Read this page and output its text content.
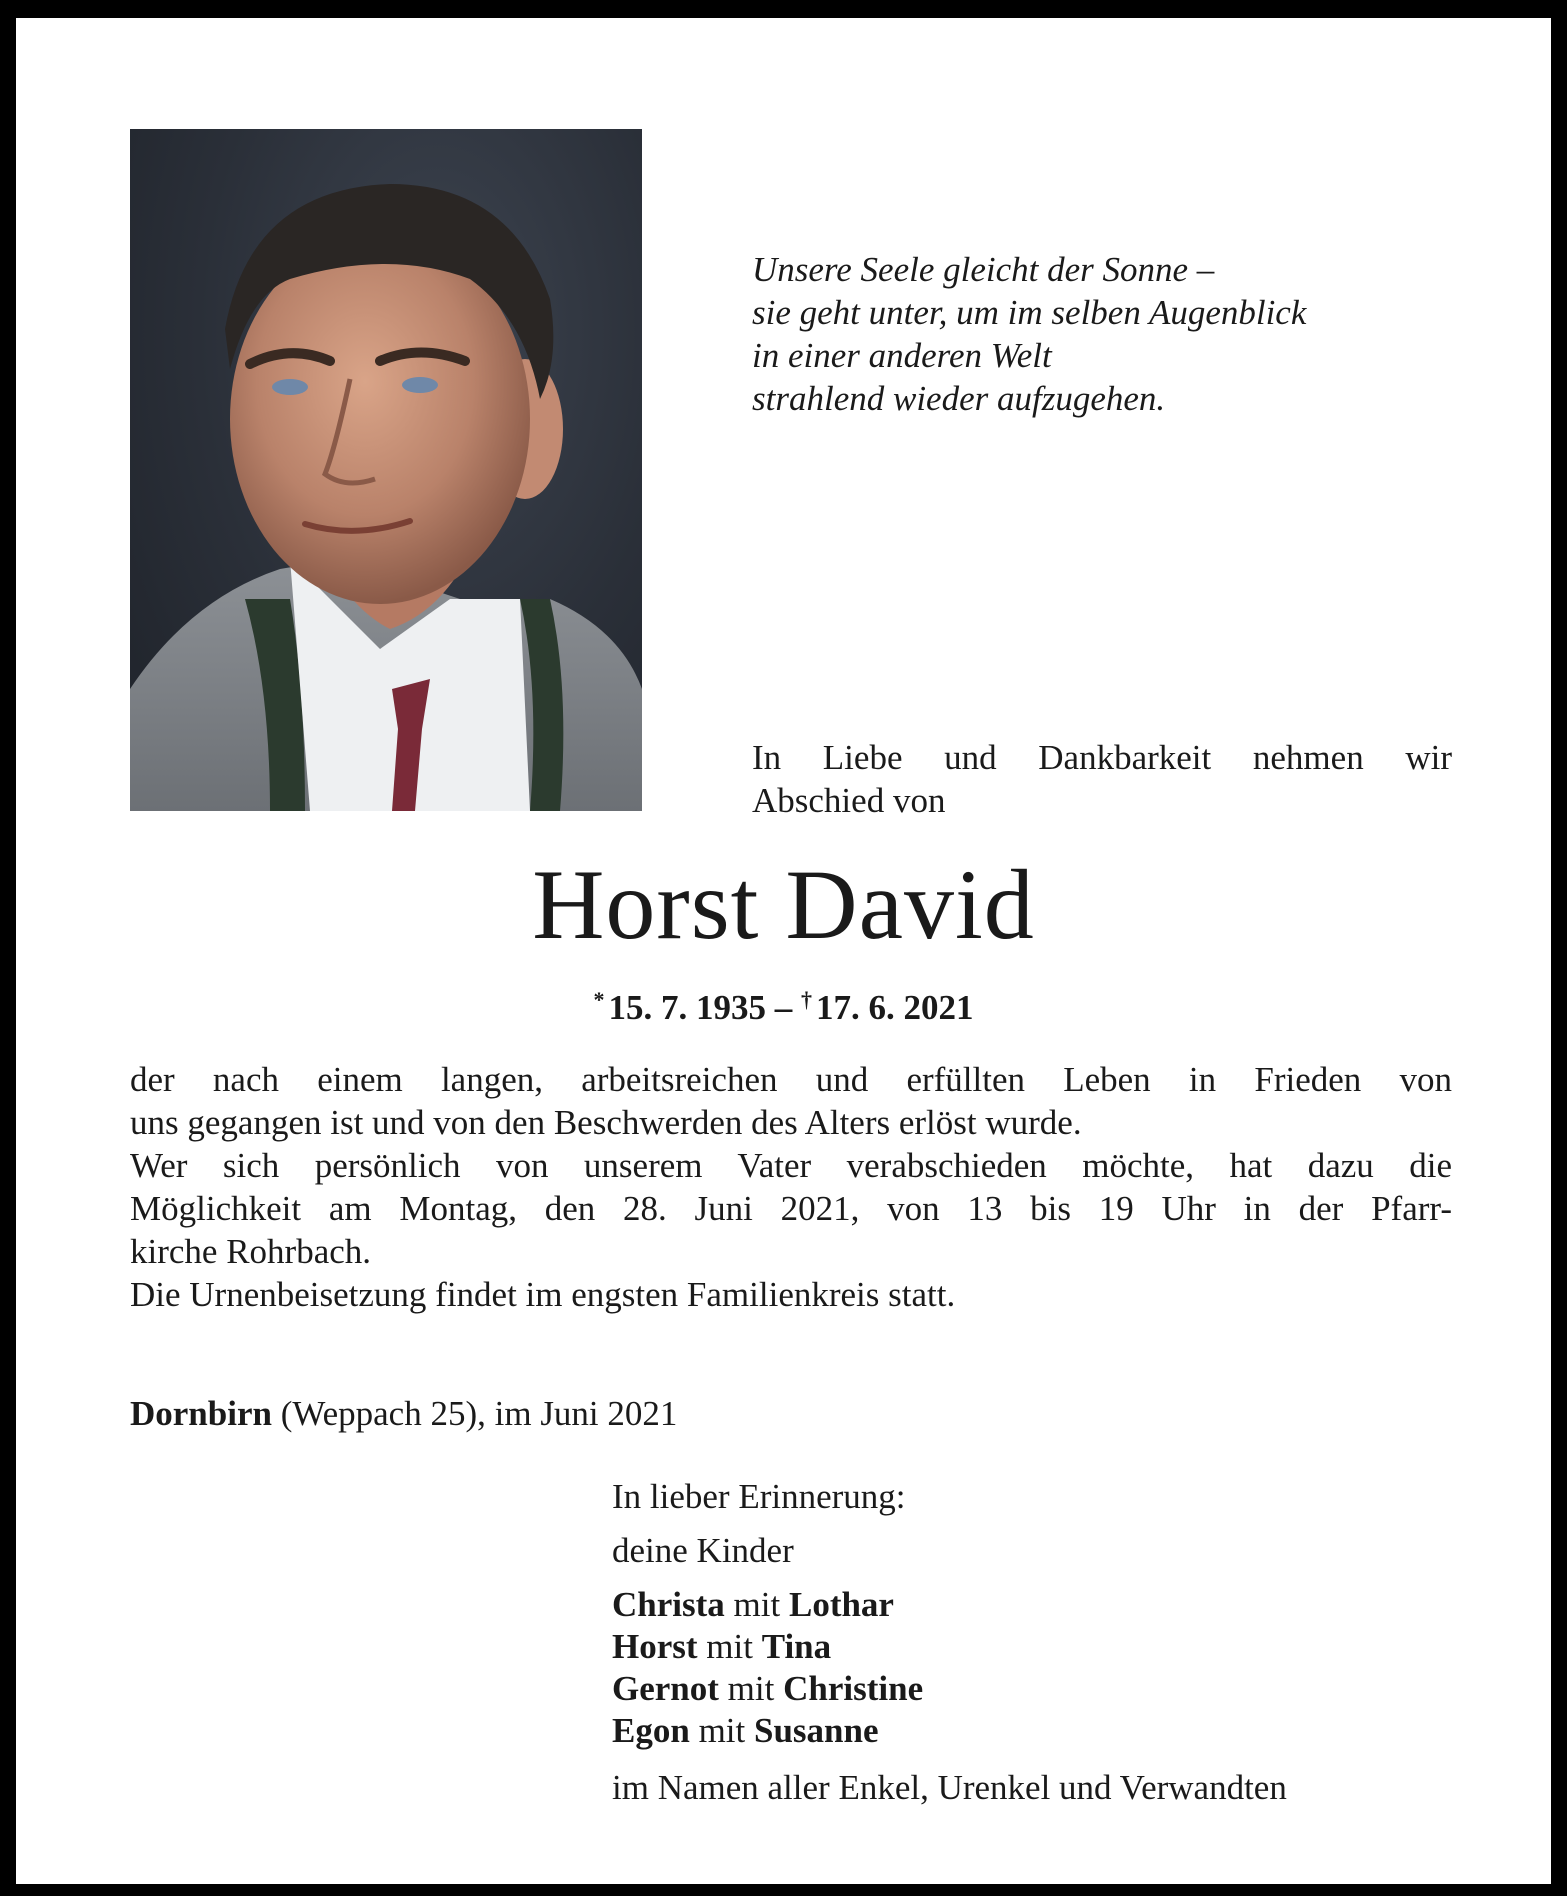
Unsere Seele gleicht der Sonne –
sie geht unter, um im selben Augenblick
in einer anderen Welt
strahlend wieder aufzugehen.
In Liebe und Dankbarkeit nehmen wir
Abschied von
Horst David
* 15. 7. 1935 – † 17. 6. 2021
der nach einem langen, arbeitsreichen und erfüllten Leben in Frieden von
uns gegangen ist und von den Beschwerden des Alters erlöst wurde.
Wer sich persönlich von unserem Vater verabschieden möchte, hat dazu die
Möglichkeit am Montag, den 28. Juni 2021, von 13 bis 19 Uhr in der Pfarr-
kirche Rohrbach.
Die Urnenbeisetzung findet im engsten Familienkreis statt.
Dornbirn (Weppach 25), im Juni 2021
In lieber Erinnerung:
deine Kinder
Christa mit Lothar
Horst mit Tina
Gernot mit Christine
Egon mit Susanne
im Namen aller Enkel, Urenkel und Verwandten
